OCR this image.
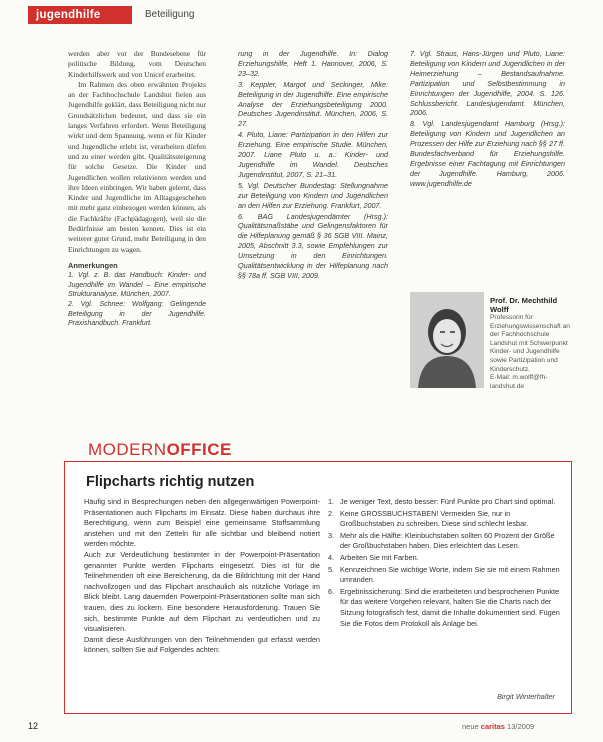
jugendhilfe	Beteiligung

werden aber vor der Bundesebene für politische Bildung, vom Deutschen Kinderhilfswerk und von Unicef erarbeitet.

Im Rahmen des oben erwähnten Projekts an der Fachhochschule Landshut fielen aus Jugendhilfe geklärt, dass Beteiligung nicht nur Grundsätzlichen bedeutet, und dass sie ein langes Verfahren erfordert. Wenn Beteiligung wirkt und dem Spannung, wenn er für Kinder und Jugendliche erlebt ist, verarbeiten dürfen und zu einer werden gibt. Qualitätssteigerung für solche Gesetze. Die Kinder und Jugendlichen wollen relativieren werden und ihre Ideen einbringen. Wir haben gelernt, dass Kinder und Jugendliche im Alltagsgeschehen mit mehr ganz einbezogen werden können, als die Fachkräfte (Fachpädagogen), weil sie die Bedürfnisse am besten kennen. Dies ist ein weiterer guter Grund, mehr Beteiligung in den Einrichtungen zu wagen.

Anmerkungen

1. Vgl. z. B. das Handbuch: Kinder- und Jugendhilfe im Wandel – Eine empirische Strukturanalyse. München, 2007.

2. Vgl. Schnee: Wolfgang: Gelingende Beteiligung in der Jugendhilfe. Praxishandbuch. Frankfurt.

rung in der Jugendhilfe. In: Dialog Erziehungshilfe, Heft 1. Hannover, 2006, S. 23–32.

3. Keppler, Margot und Seckinger, Mike: Beteiligung in der Jugendhilfe. Eine empirische Analyse der Erziehungsbeteiligung 2000. Deutsches Jugendinstitut. München, 2006, S. 27.

4. Pluto, Liane: Partizipation in den Hilfen zur Erziehung. Eine empirische Studie. München, 2007. Liane Pluto u. a.: Kinder- und Jugendhilfe im Wandel. Deutsches Jugendinstitut, 2007, S. 21–31.

5. Vgl. Deutscher Bundestag: Stellungnahme zur Beteiligung von Kindern und Jugendlichen an den Hilfen zur Erziehung. Frankfurt, 2007.

6. BAG Landesjugendämter (Hrsg.): Qualitätsmaßstäbe und Gelingensfaktoren für die Hilfeplanung gemäß § 36 SGB VIII. Mainz, 2005, Abschnitt 3.3, sowie Empfehlungen zur Umsetzung in den Einrichtungen. Qualitätsentwicklung in der Hilfeplanung nach §§ 78a ff. SGB VIII, 2009.

7. Vgl. Straus, Hans-Jürgen und Pluto, Liane: Beteiligung von Kindern und Jugendlichen in der Heimerziehung – Bestandsaufnahme. Partizipation und Selbstbestimmung in Einrichtungen der Jugendhilfe, 2004. S. 126. Schlussbericht. Landesjugendamt. München, 2006.

8. Vgl. Landesjugendamt Hamburg (Hrsg.): Beteiligung von Kindern und Jugendlichen an Prozessen der Hilfe zur Erziehung nach §§ 27 ff. Bundesfachverband für Erziehungshilfe. Ergebnisse einer Fachtagung mit Einrichtungen der Jugendhilfe. Hamburg, 2006. www.jugendhilfe.de

Prof. Dr. Mechthild Wolff
Professorin für Erziehungswissenschaft an der Fachhochschule Landshut mit Schwerpunkt Kinder- und Jugendhilfe sowie Partizipation und Kinderschutz.
E-Mail: m.wolff@fh-landshut.de
MODERNOFFICE
Flipcharts richtig nutzen

Häufig sind in Besprechungen neben den allgegenwärtigen Powerpoint-Präsentationen auch Flipcharts im Einsatz. Diese haben durchaus ihre Berechtigung, wenn zum Beispiel eine gemeinsame Stoffsammlung anstehen und mit den Zetteln für alle sichtbar und bleibend notiert werden möchte.

Auch zur Verdeutlichung bestimmter in der Powerpoint-Präsentation genannter Punkte werden Flipcharts eingesetzt. Dies ist für die Teilnehmenden oft eine Bereicherung, da die Bildrichtung mit der Hand nachvollzogen und das Flipchart anschaulich als nützliche Vorlage im Blick bleibt. Lang dauernden Powerpoint-Präsentationen sollte man sich trauen, dies zu lockern. Eine besondere Herausforderung. Trauen Sie sich, bestimmte Punkte auf dem Flipchart zu verdeutlichen und zu visualisieren.

Damit diese Ausführungen von den Teilnehmenden gut erfasst werden können, sollten Sie auf Folgendes achten:

1. Je weniger Text, desto besser: Fünf Punkte pro Chart sind optimal.
2. Keine GROSSBUCHSTABEN! Vermeiden Sie, nur in Großbuchstaben zu schreiben. Diese sind schlecht lesbar.
3. Mehr als die Hälfte: Kleinbuchstaben sollten 60 Prozent der Größe der Großbuchstaben haben. Dies erleichtert das Lesen.
4. Arbeiten Sie mit Farben.
5. Kennzeichnen Sie wichtige Worte, indem Sie sie mit einem Rahmen umranden.
6. Ergebnissicherung: Sind die erarbeiteten und besprochenen Punkte für das weitere Vorgehen relevant, halten Sie die Charts nach der Sitzung fotografisch fest, damit die Inhalte dokumentiert sind. Fügen Sie die Fotos dem Protokoll als Anlage bei.
Birgit Winterhalter
12	neue caritas 13/2009
